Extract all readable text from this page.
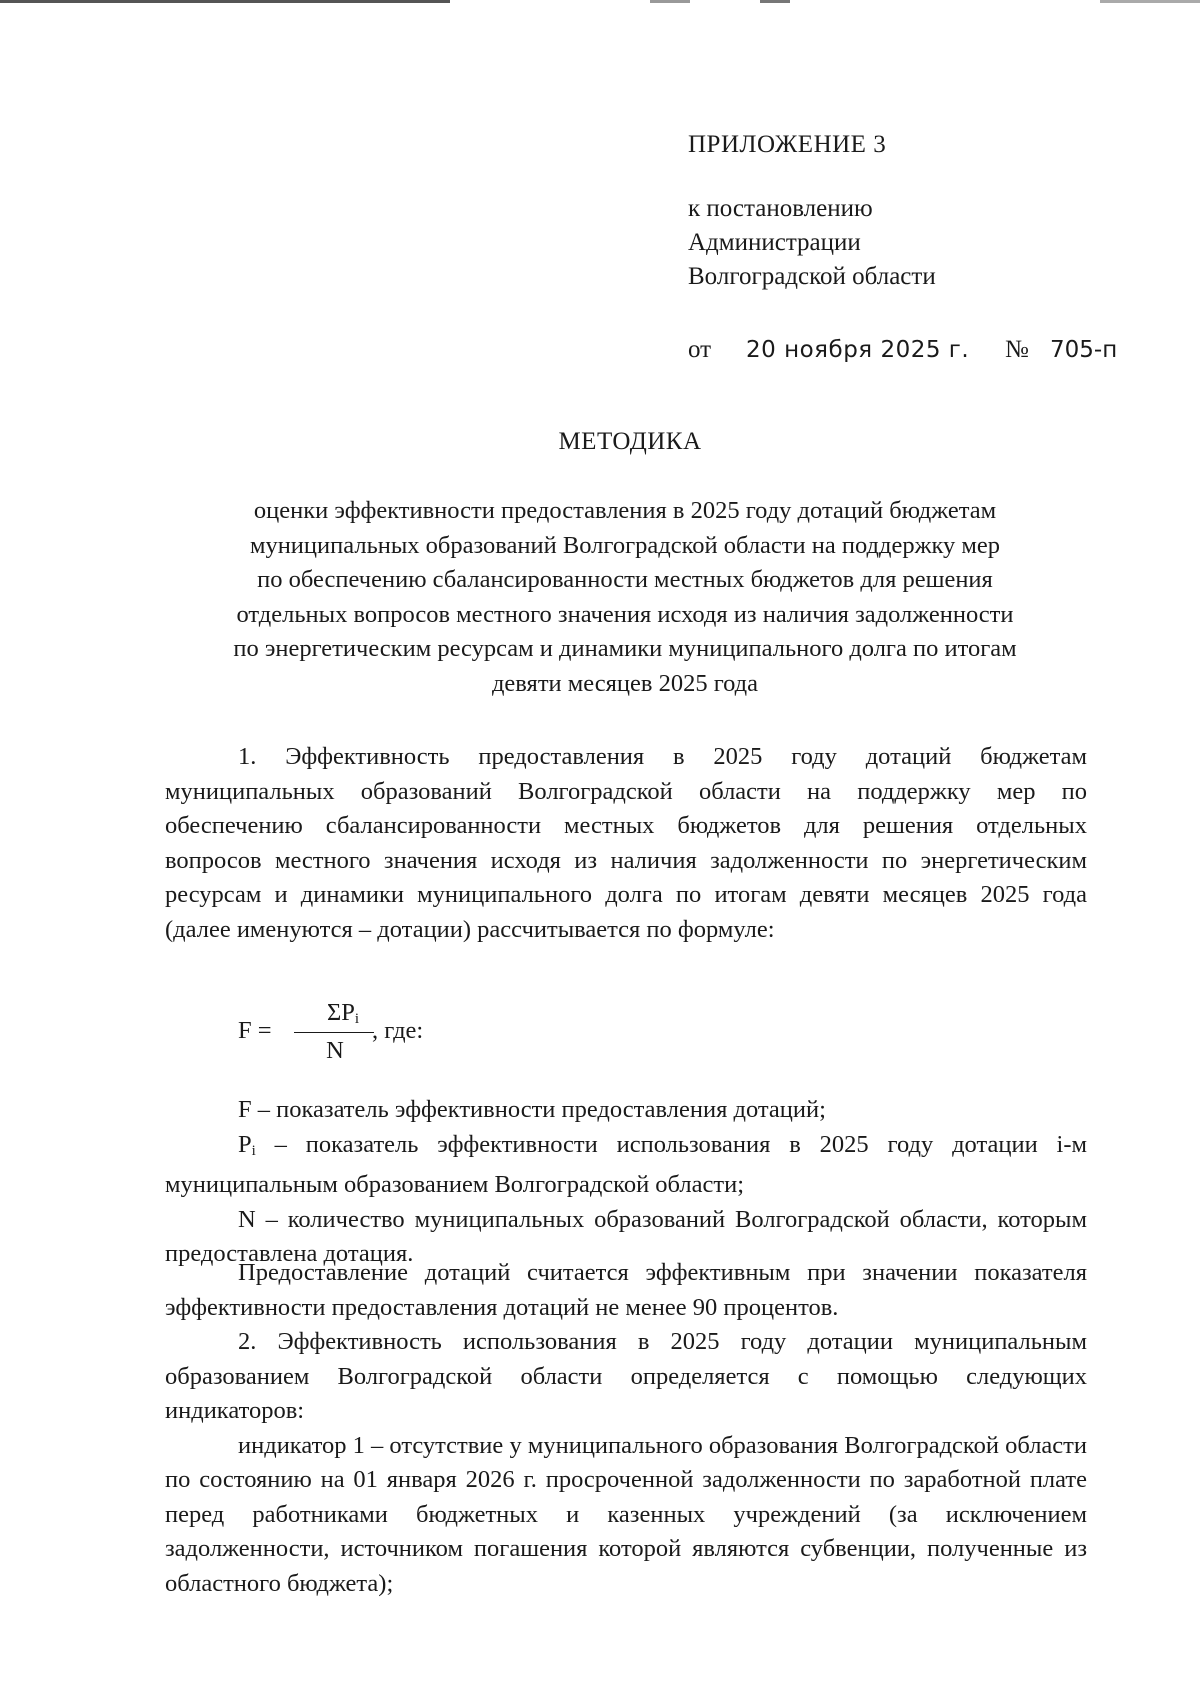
ПРИЛОЖЕНИЕ 3
к постановлению
Администрации
Волгоградской области
от 20 ноября 2025 г. № 705-п
МЕТОДИКА
оценки эффективности предоставления в 2025 году дотаций бюджетам
муниципальных образований Волгоградской области на поддержку мер
по обеспечению сбалансированности местных бюджетов для решения
отдельных вопросов местного значения исходя из наличия задолженности
по энергетическим ресурсам и динамики муниципального долга по итогам
девяти месяцев 2025 года
1. Эффективность предоставления в 2025 году дотаций бюджетам муниципальных образований Волгоградской области на поддержку мер по обеспечению сбалансированности местных бюджетов для решения отдельных вопросов местного значения исходя из наличия задолженности по энергетическим ресурсам и динамики муниципального долга по итогам девяти месяцев 2025 года (далее именуются – дотации) рассчитывается по формуле:
F =
$\Sigma P_i$
N
, где:

F – показатель эффективности предоставления дотаций;

$P_i$ – показатель эффективности использования в 2025 году дотации i-м муниципальным образованием Волгоградской области;

N – количество муниципальных образований Волгоградской области, которым предоставлена дотация.

Предоставление дотаций считается эффективным при значении показателя эффективности предоставления дотаций не менее 90 процентов.

2. Эффективность использования в 2025 году дотации муниципальным образованием Волгоградской области определяется с помощью следующих индикаторов:

индикатор 1 – отсутствие у муниципального образования Волгоградской области по состоянию на 01 января 2026 г. просроченной задолженности по заработной плате перед работниками бюджетных и казенных учреждений (за исключением задолженности, источником погашения которой являются субвенции, полученные из областного бюджета);
